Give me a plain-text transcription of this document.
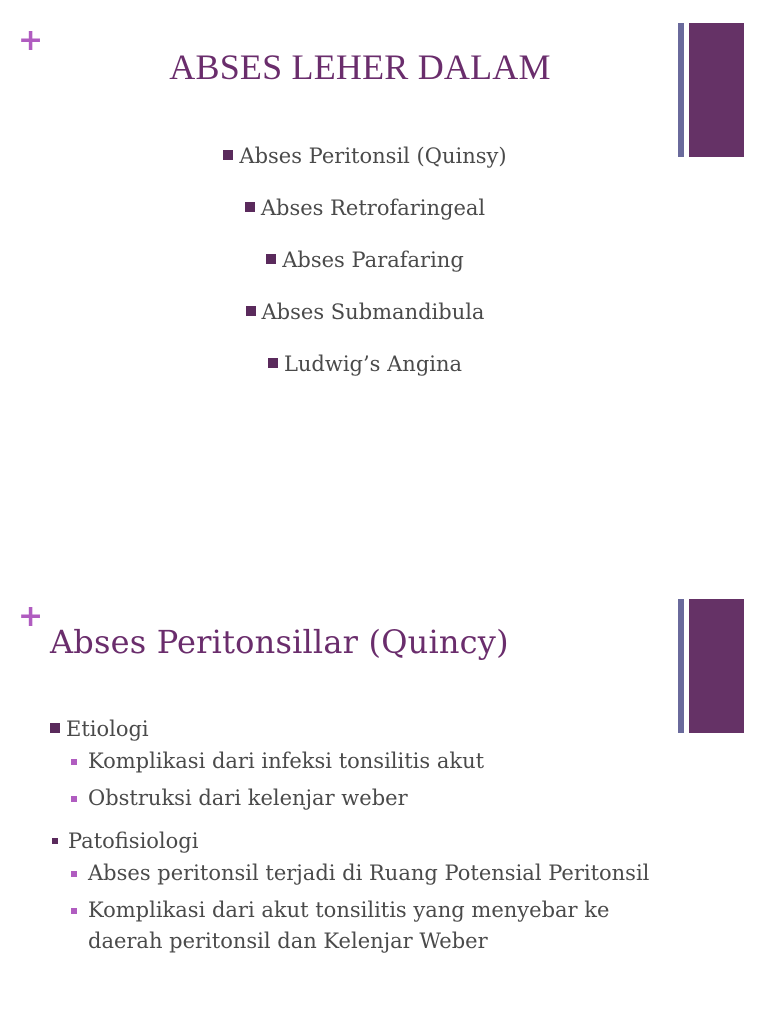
+
ABSES LEHER DALAM
Abses Peritonsil (Quinsy)
Abses Retrofaringeal
Abses Parafaring
Abses Submandibula
Ludwig’s Angina
+
Abses Peritonsillar (Quincy)
Etiologi
Komplikasi dari infeksi tonsilitis akut
Obstruksi dari kelenjar weber
Patofisiologi
Abses peritonsil terjadi di Ruang Potensial Peritonsil
Komplikasi dari akut tonsilitis yang menyebar ke daerah peritonsil dan Kelenjar Weber
